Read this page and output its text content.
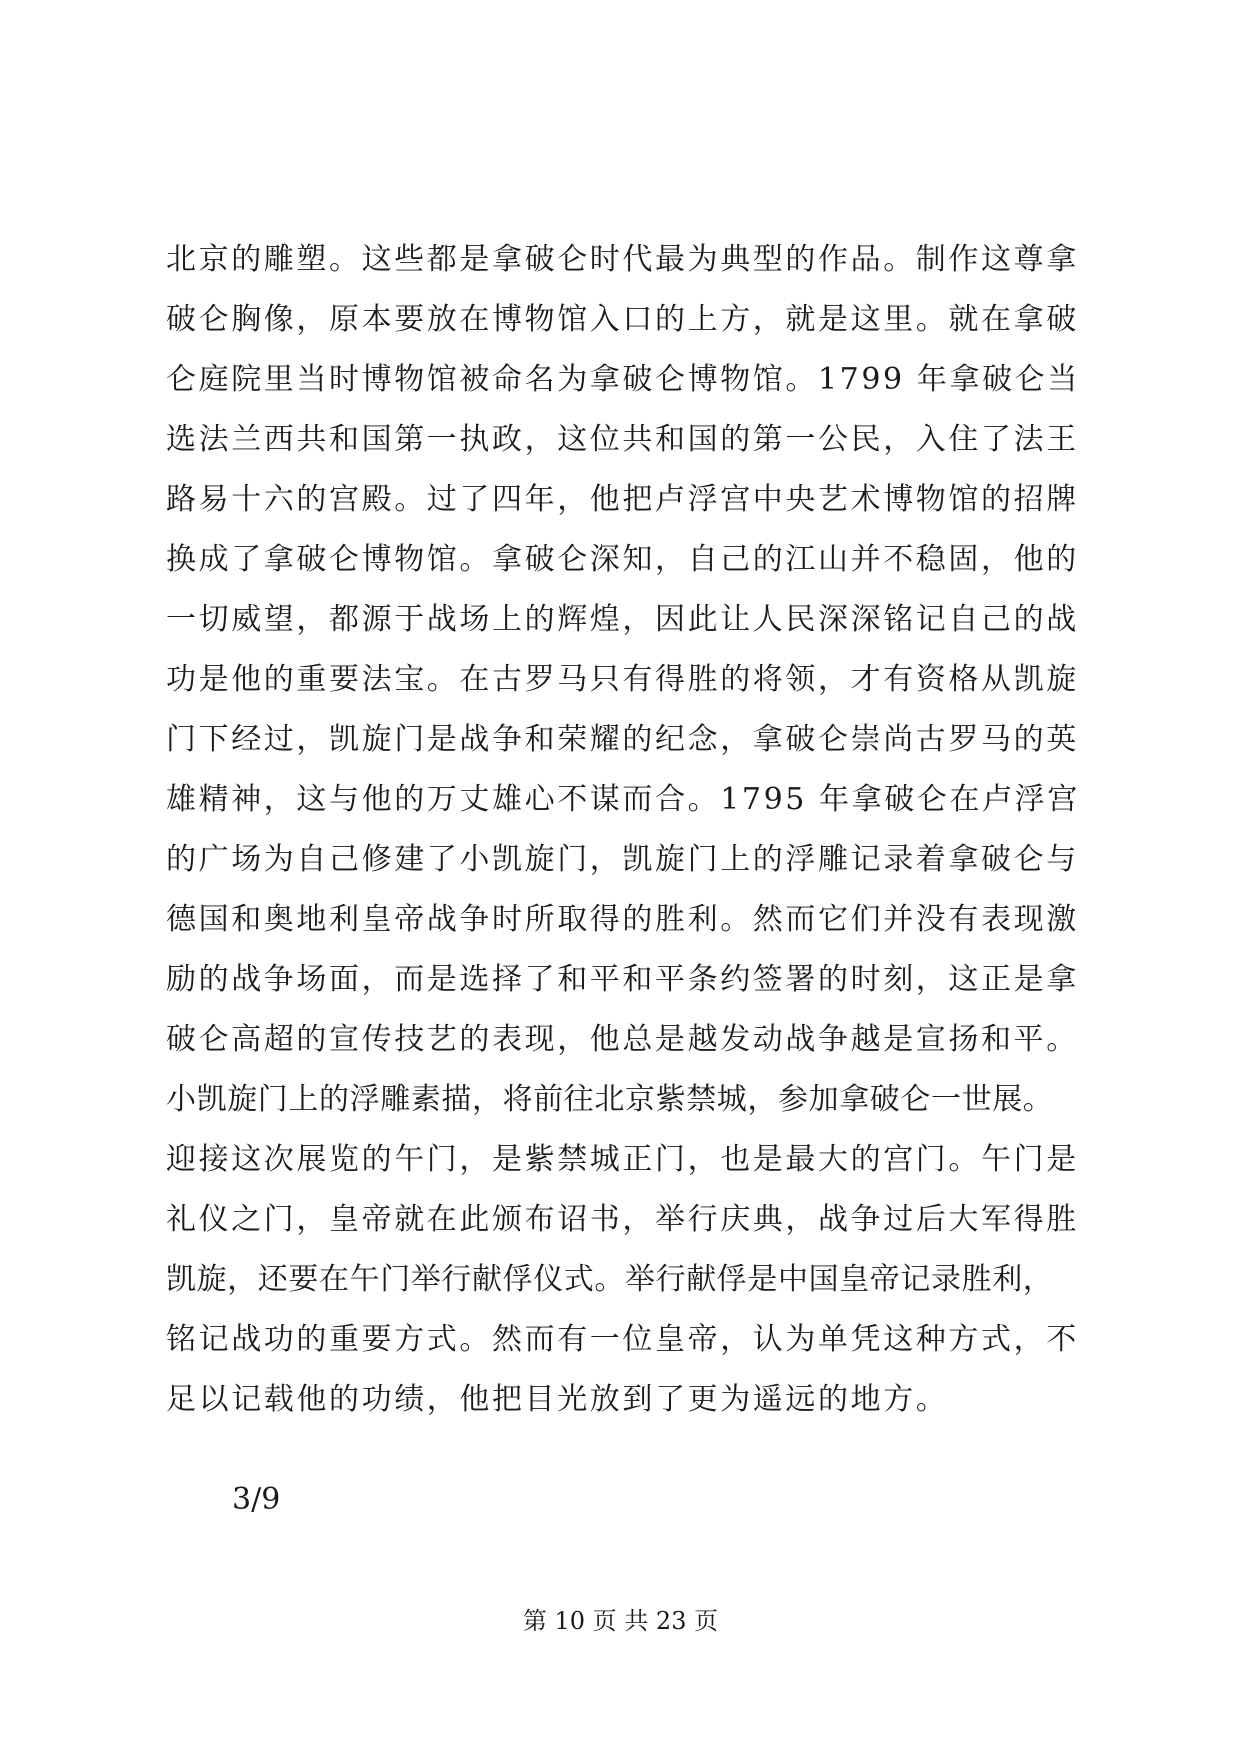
北京的雕塑。这些都是拿破仑时代最为典型的作品。制作这尊拿
破仑胸像，原本要放在博物馆入口的上方，就是这里。就在拿破
仑庭院里当时博物馆被命名为拿破仑博物馆。1799 年拿破仑当
选法兰西共和国第一执政，这位共和国的第一公民，入住了法王
路易十六的宫殿。过了四年，他把卢浮宫中央艺术博物馆的招牌
换成了拿破仑博物馆。拿破仑深知，自己的江山并不稳固，他的
一切威望，都源于战场上的辉煌，因此让人民深深铭记自己的战
功是他的重要法宝。在古罗马只有得胜的将领，才有资格从凯旋
门下经过，凯旋门是战争和荣耀的纪念，拿破仑崇尚古罗马的英
雄精神，这与他的万丈雄心不谋而合。1795 年拿破仑在卢浮宫
的广场为自己修建了小凯旋门，凯旋门上的浮雕记录着拿破仑与
德国和奥地利皇帝战争时所取得的胜利。然而它们并没有表现激
励的战争场面，而是选择了和平和平条约签署的时刻，这正是拿
破仑高超的宣传技艺的表现，他总是越发动战争越是宣扬和平。
小凯旋门上的浮雕素描，将前往北京紫禁城，参加拿破仑一世展。
迎接这次展览的午门，是紫禁城正门，也是最大的宫门。午门是
礼仪之门，皇帝就在此颁布诏书，举行庆典，战争过后大军得胜
凯旋，还要在午门举行献俘仪式。举行献俘是中国皇帝记录胜利，
铭记战功的重要方式。然而有一位皇帝，认为单凭这种方式，不
足以记载他的功绩，他把目光放到了更为遥远的地方。
3/9
第 10 页 共 23 页
